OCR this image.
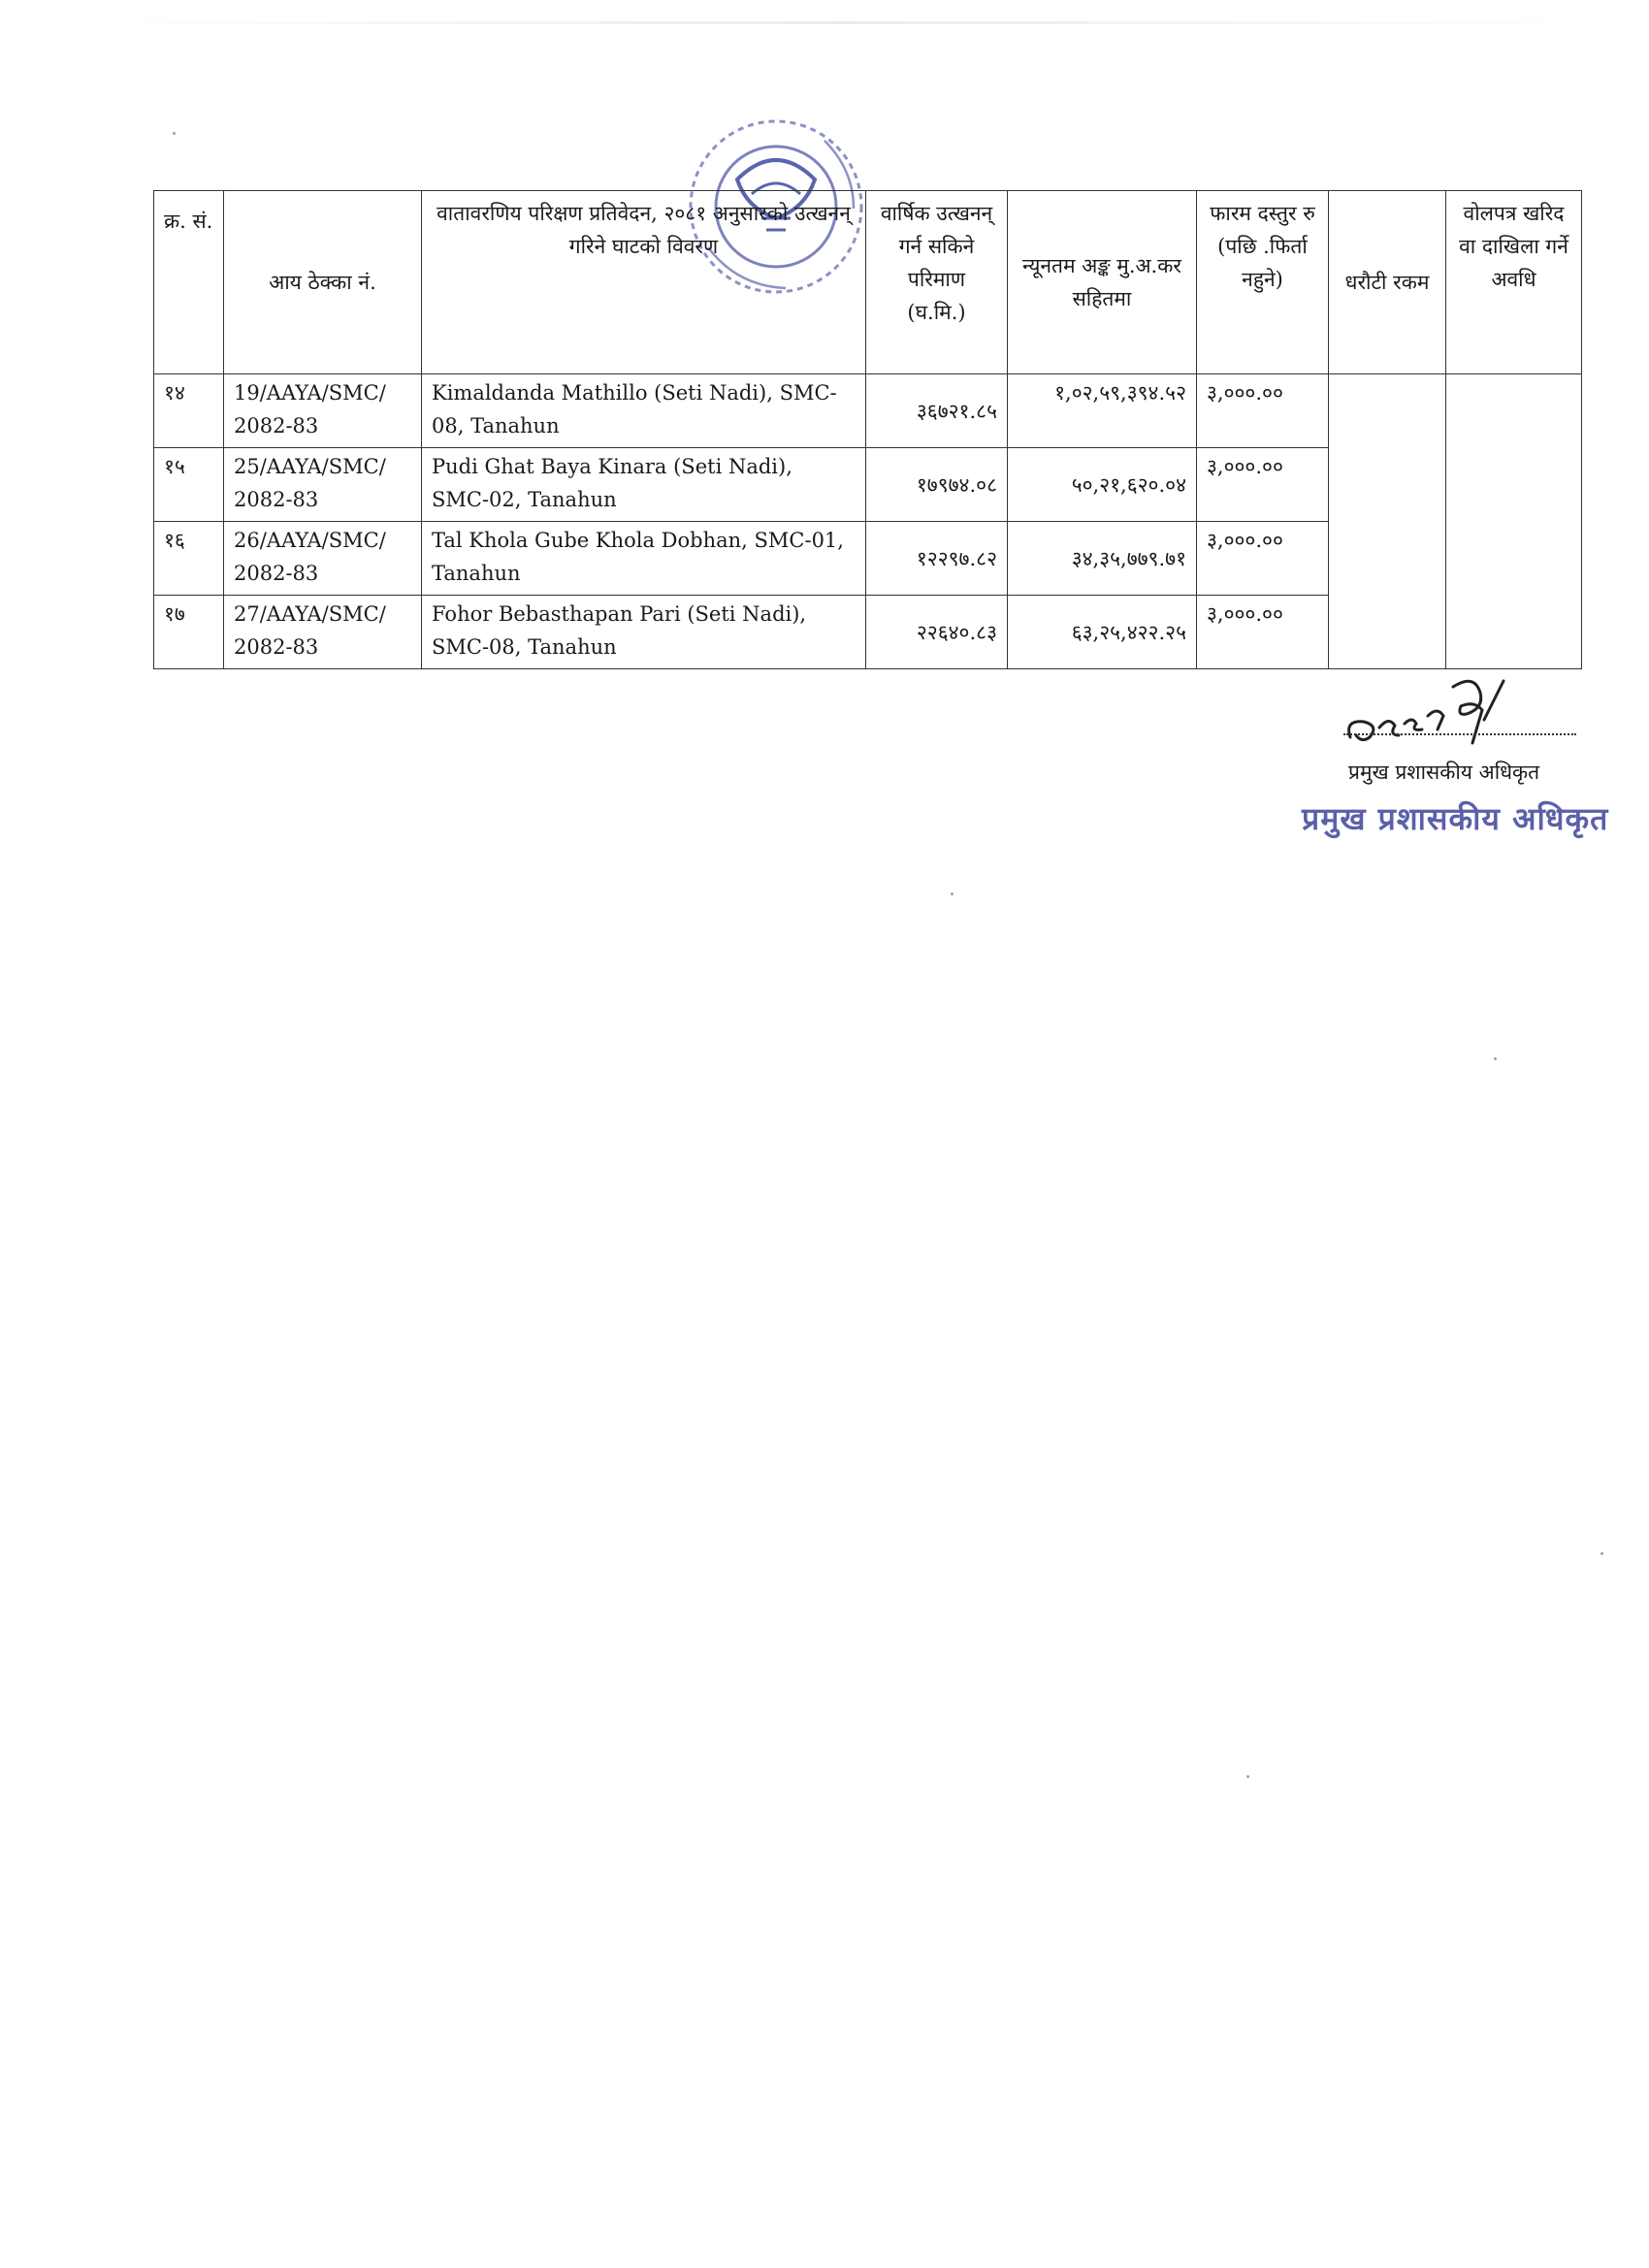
क्र. सं.	आय ठेक्का नं.	वातावरणिय परिक्षण प्रतिवेदन, २०८१ अनुसारको उत्खनन् गरिने घाटको विवरण	वार्षिक उत्खनन् गर्न सकिने परिमाण (घ.मि.)	न्यूनतम अङ्क मु.अ.कर सहितमा	फारम दस्तुर रु (पछि .फिर्ता नहुने)	धरौटी रकम	वोलपत्र खरिद वा दाखिला गर्ने अवधि
१४	19/AAYA/SMC/ 2082-83	Kimaldanda Mathillo (Seti Nadi), SMC-08, Tanahun	३६७२१.८५	१,०२,५९,३९४.५२	३,०००.००		
१५	25/AAYA/SMC/ 2082-83	Pudi Ghat Baya Kinara (Seti Nadi), SMC-02, Tanahun	१७९७४.०८	५०,२१,६२०.०४	३,०००.००		
१६	26/AAYA/SMC/ 2082-83	Tal Khola Gube Khola Dobhan, SMC-01, Tanahun	१२२९७.८२	३४,३५,७७९.७१	३,०००.००		
१७	27/AAYA/SMC/ 2082-83	Fohor Bebasthapan Pari (Seti Nadi), SMC-08, Tanahun	२२६४०.८३	६३,२५,४२२.२५	३,०००.००		
प्रमुख प्रशासकीय अधिकृत
प्रमुख प्रशासकीय अधिकृत
